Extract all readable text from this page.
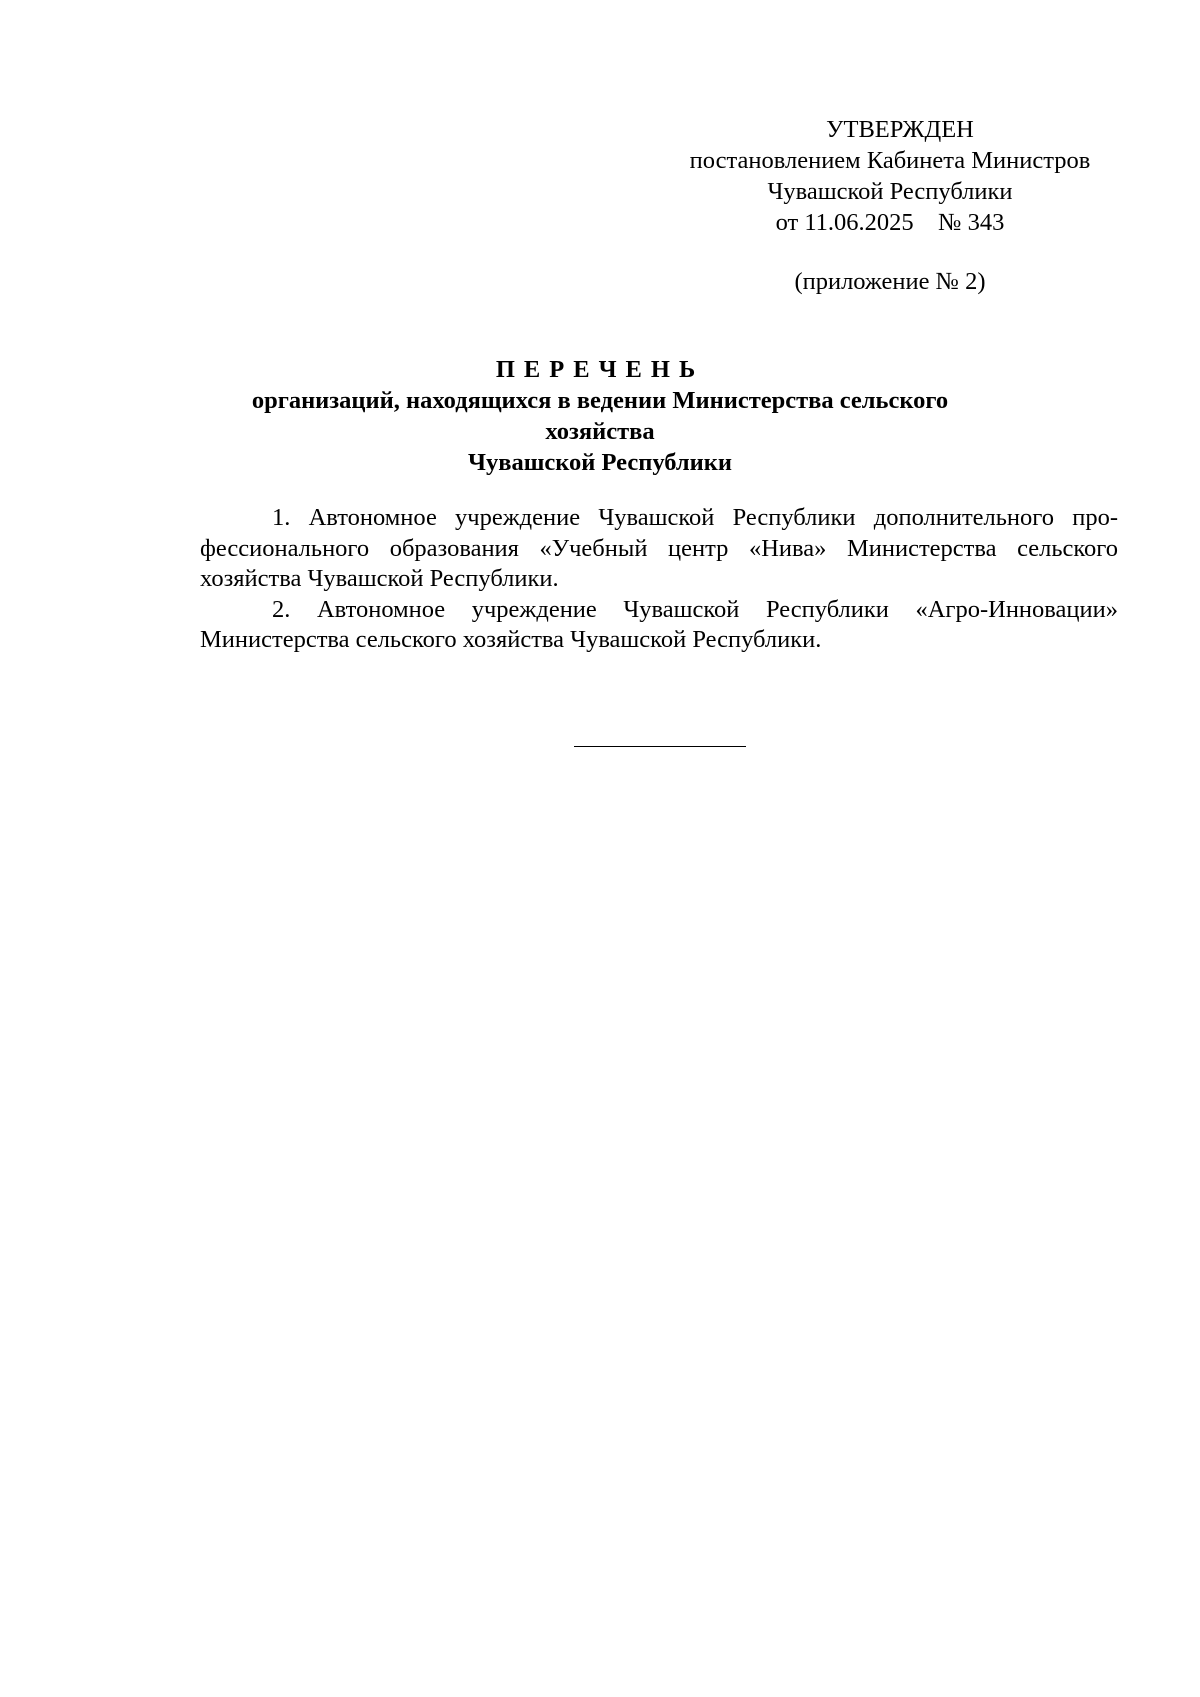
УТВЕРЖДЕН
постановлением Кабинета Министров
Чувашской Республики
от 11.06.2025    № 343
(приложение № 2)
ПЕРЕЧЕНЬ
организаций, находящихся в ведении Министерства сельского хозяйства
Чувашской Республики

1. Автономное учреждение Чувашской Республики дополнительного профессионального образования «Учебный центр «Нива» Министерства сельского хозяйства Чувашской Республики.

2. Автономное учреждение Чувашской Республики «Агро-Инновации» Министерства сельского хозяйства Чувашской Республики.
